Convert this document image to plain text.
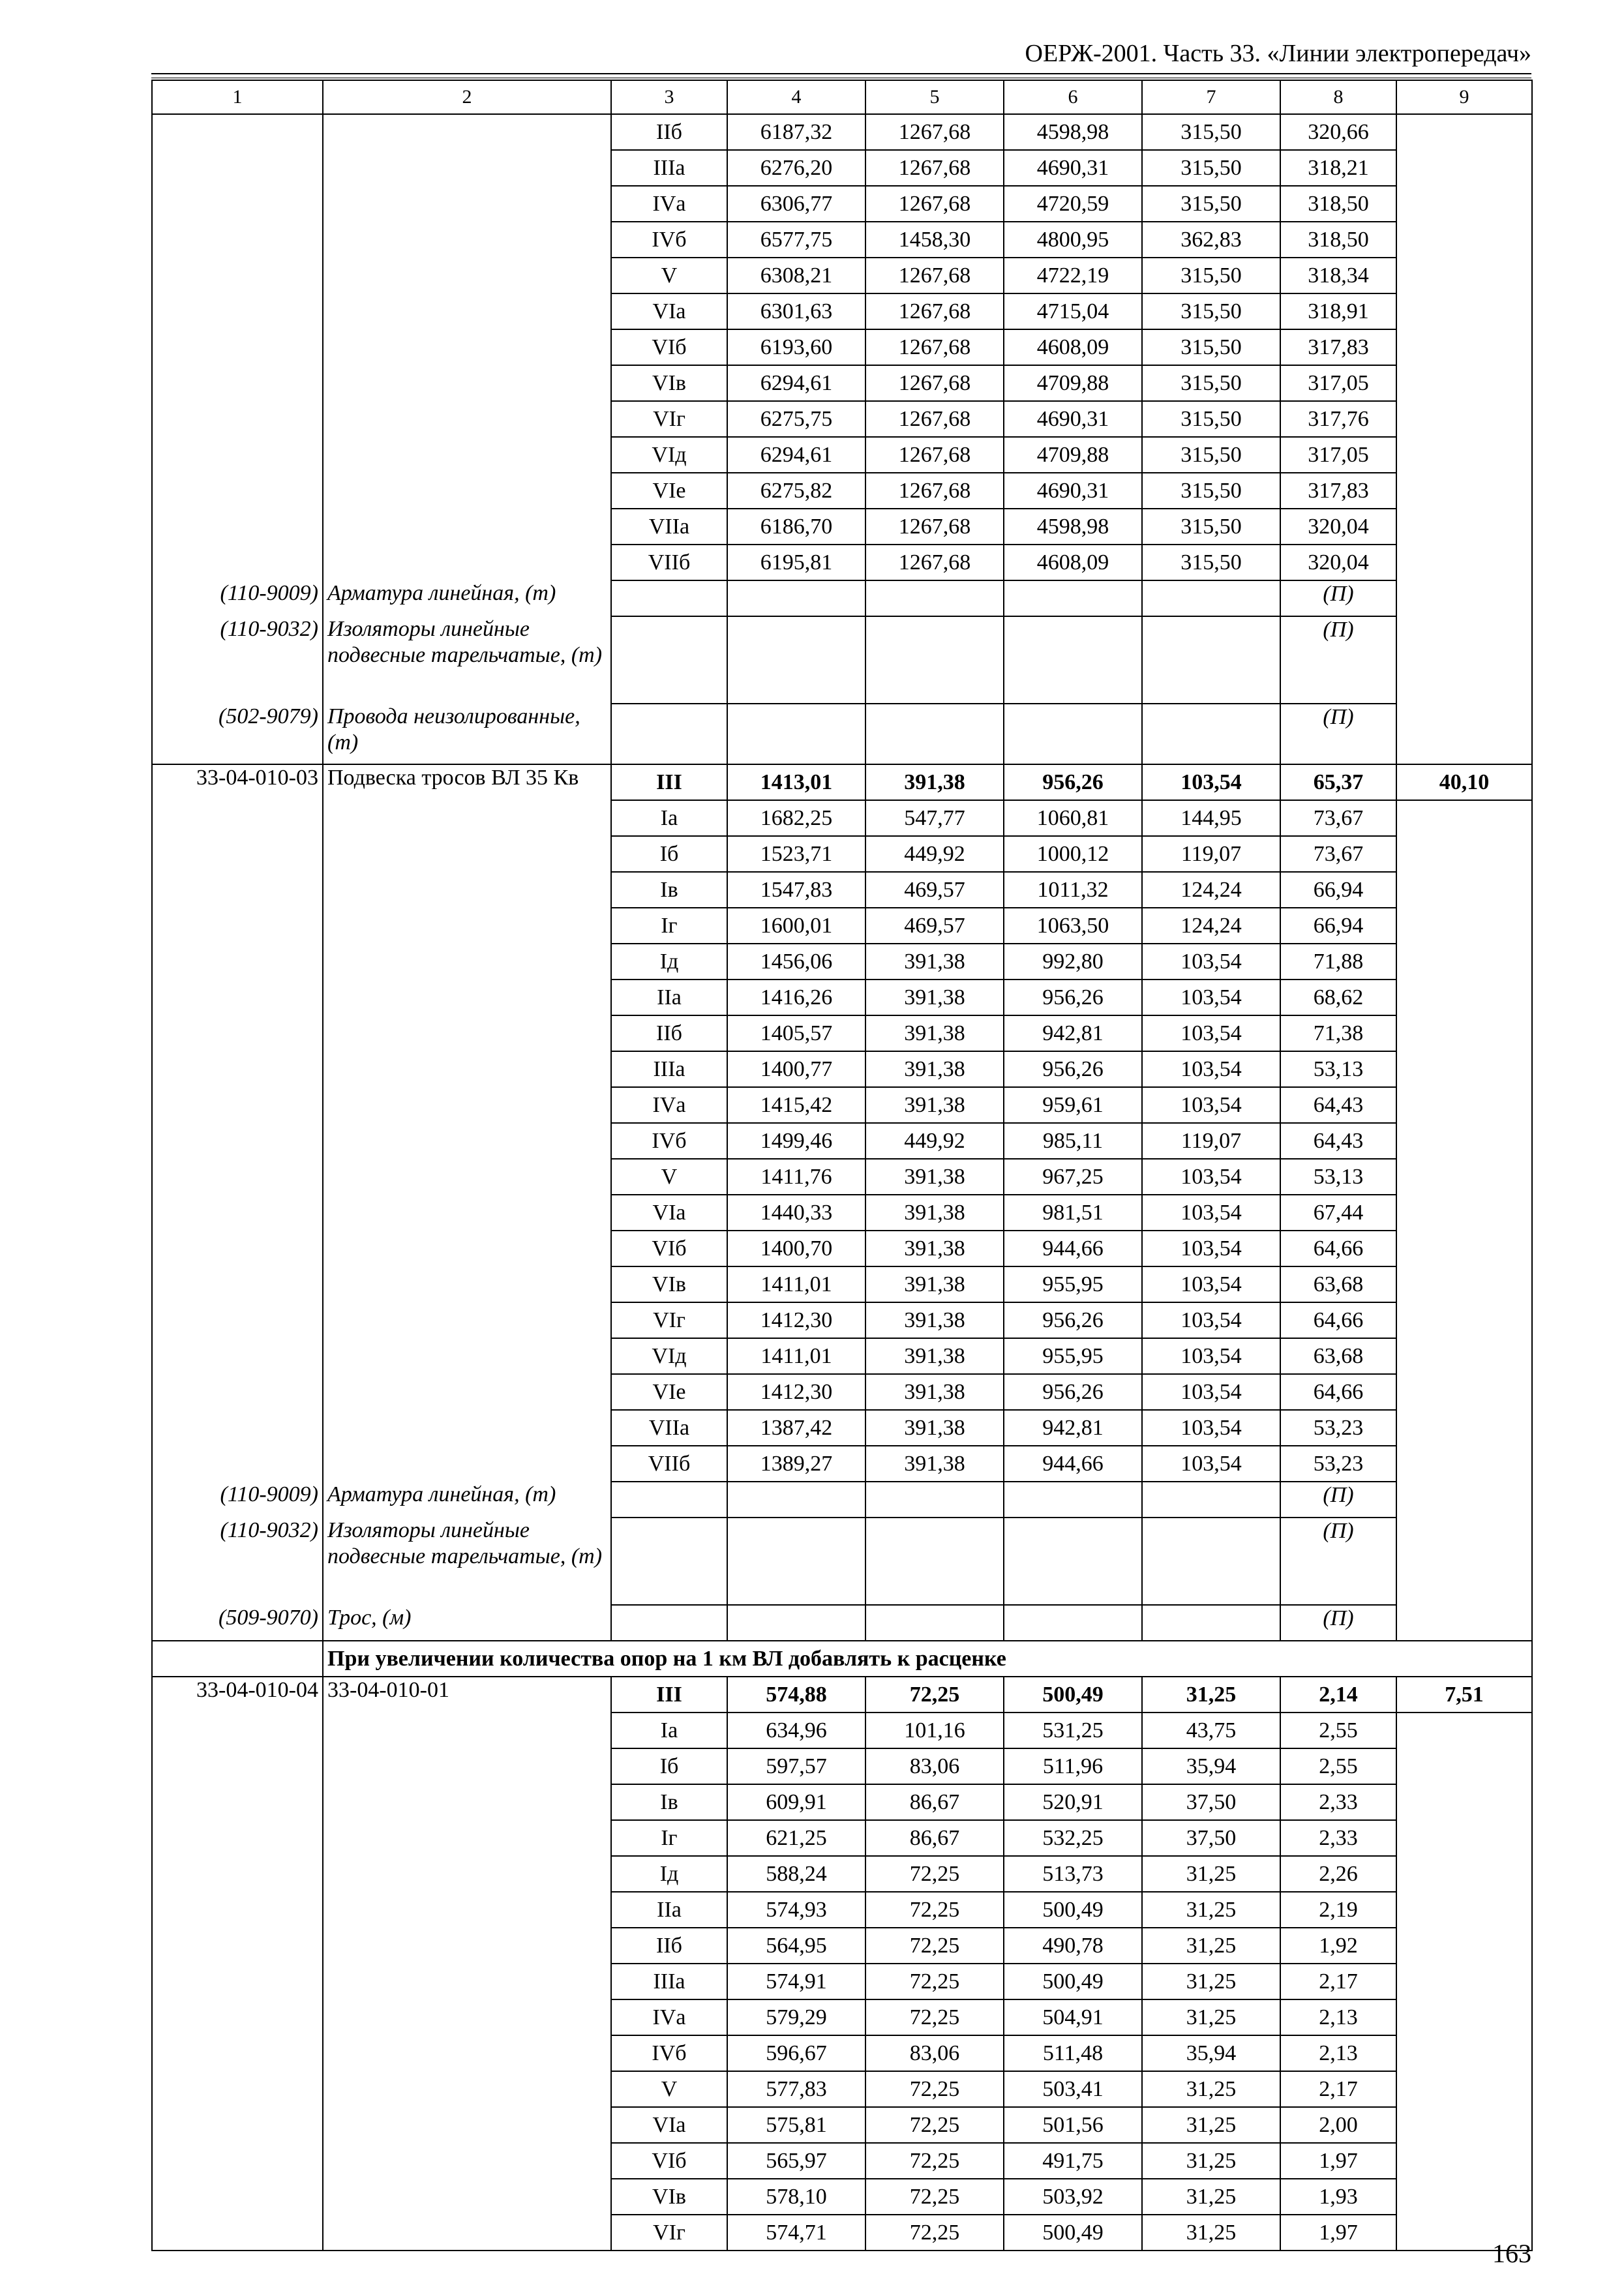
ОЕРЖ-2001. Часть 33. «Линии электропередач»
1	2	3	4	5	6	7	8	9
		IIб	6187,32	1267,68	4598,98	315,50	320,66	
		IIIа	6276,20	1267,68	4690,31	315,50	318,21	
		IVа	6306,77	1267,68	4720,59	315,50	318,50	
		IVб	6577,75	1458,30	4800,95	362,83	318,50	
		V	6308,21	1267,68	4722,19	315,50	318,34	
		VIа	6301,63	1267,68	4715,04	315,50	318,91	
		VIб	6193,60	1267,68	4608,09	315,50	317,83	
		VIв	6294,61	1267,68	4709,88	315,50	317,05	
		VIг	6275,75	1267,68	4690,31	315,50	317,76	
		VIд	6294,61	1267,68	4709,88	315,50	317,05	
		VIе	6275,82	1267,68	4690,31	315,50	317,83	
		VIIа	6186,70	1267,68	4598,98	315,50	320,04	
		VIIб	6195,81	1267,68	4608,09	315,50	320,04	
(110-9009)	Арматура линейная, (т)						(П)	
(110-9032)	Изоляторы линейные подвесные тарельчатые, (т)						(П)	
(502-9079)	Провода неизолированные, (т)						(П)	
33-04-010-03	Подвеска тросов ВЛ 35 Кв	III	1413,01	391,38	956,26	103,54	65,37	40,10
		Iа	1682,25	547,77	1060,81	144,95	73,67	
		Iб	1523,71	449,92	1000,12	119,07	73,67	
		Iв	1547,83	469,57	1011,32	124,24	66,94	
		Iг	1600,01	469,57	1063,50	124,24	66,94	
		Iд	1456,06	391,38	992,80	103,54	71,88	
		IIа	1416,26	391,38	956,26	103,54	68,62	
		IIб	1405,57	391,38	942,81	103,54	71,38	
		IIIа	1400,77	391,38	956,26	103,54	53,13	
		IVа	1415,42	391,38	959,61	103,54	64,43	
		IVб	1499,46	449,92	985,11	119,07	64,43	
		V	1411,76	391,38	967,25	103,54	53,13	
		VIа	1440,33	391,38	981,51	103,54	67,44	
		VIб	1400,70	391,38	944,66	103,54	64,66	
		VIв	1411,01	391,38	955,95	103,54	63,68	
		VIг	1412,30	391,38	956,26	103,54	64,66	
		VIд	1411,01	391,38	955,95	103,54	63,68	
		VIе	1412,30	391,38	956,26	103,54	64,66	
		VIIа	1387,42	391,38	942,81	103,54	53,23	
		VIIб	1389,27	391,38	944,66	103,54	53,23	
(110-9009)	Арматура линейная, (т)						(П)	
(110-9032)	Изоляторы линейные подвесные тарельчатые, (т)						(П)	
(509-9070)	Трос, (м)						(П)	
	При увеличении количества опор на 1 км ВЛ добавлять к расценке							
33-04-010-04	33-04-010-01	III	574,88	72,25	500,49	31,25	2,14	7,51
		Iа	634,96	101,16	531,25	43,75	2,55	
		Iб	597,57	83,06	511,96	35,94	2,55	
		Iв	609,91	86,67	520,91	37,50	2,33	
		Iг	621,25	86,67	532,25	37,50	2,33	
		Iд	588,24	72,25	513,73	31,25	2,26	
		IIа	574,93	72,25	500,49	31,25	2,19	
		IIб	564,95	72,25	490,78	31,25	1,92	
		IIIа	574,91	72,25	500,49	31,25	2,17	
		IVа	579,29	72,25	504,91	31,25	2,13	
		IVб	596,67	83,06	511,48	35,94	2,13	
		V	577,83	72,25	503,41	31,25	2,17	
		VIа	575,81	72,25	501,56	31,25	2,00	
		VIб	565,97	72,25	491,75	31,25	1,97	
		VIв	578,10	72,25	503,92	31,25	1,93	
		VIг	574,71	72,25	500,49	31,25	1,97	
163
